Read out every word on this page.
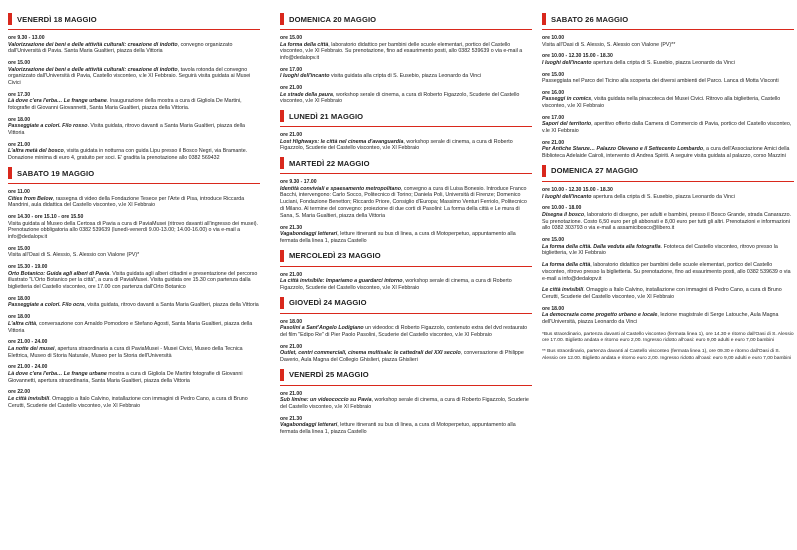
VENERDÌ 18 MAGGIO
ore 9.30 - 13.00
Valorizzazione dei beni e delle attività culturali: creazione di indotto, convegno organizzato dall'Università di Pavia. Santa Maria Gualtieri, piazza della Vittoria
ore 15.00
Valorizzazione dei beni e delle attività culturali: creazione di indotto, tavola rotonda del convegno organizzato dall'Università di Pavia, Castello visconteo, v.le XI Febbraio. Seguirà visita guidata ai Musei Civici
ore 17.30
Là dove c'era l'erba… Le frange urbane. Inaugurazione della mostra a cura di Gigliola De Martini, fotografie di Giovanni Giovannetti, Santa Maria Gualtieri, piazza della Vittoria.
ore 18.00
Passeggiate a colori. Filo rosso. Visita guidata, ritrovo davanti a Santa Maria Gualtieri, piazza della Vittoria
ore 21.00
L'altra metà del bosco, visita guidata in notturna con guida Lipu presso il Bosco Negri, via Bramante. Donazione minima di euro 4, gratuito per soci. E' gradita la prenotazione allo 0382 569432
SABATO 19 MAGGIO
ore 11.00
Cities from Below, rassegna di video della Fondazione Tesece per l'Arte di Pisa, introduce Riccarda Mandrini, aula didattica del Castello visconteo, v.le XI Febbraio
ore 14.30 - ore 15.10 - ore 15.50
Visita guidata al Museo della Certosa di Pavia a cura di PaviaMusei (ritrovo davanti all'ingresso dei musei). Prenotazione obbligatoria allo 0382 539639 (lunedì-venerdì 9.00-13.00; 14.00-16.00) o via e-mail a info@dedalopv.it
ore 15.00
Visita all'Oasi di S. Alessio, S. Alessio con Vialone (PV)*
ore 15.30 - 19.00
Orto Botanico: Guida agli alberi di Pavia. Visita guidata agli alberi cittadini e presentazione del percorso illustrato "L'Orto Botanico per la città", a cura di PaviaMusei. Visita guidata ore 15.30 con partenza dalla biglietteria del Castello visconteo, ore 17.00 con partenza dall'Orto Botanico
ore 18.00
Passeggiate a colori. Filo ocra, visita guidata, ritrovo davanti a Santa Maria Gualtieri, piazza della Vittoria
ore 18.00
L'altra città, conversazione con Arnaldo Pomodoro e Stefano Agosti, Santa Maria Gualtieri, piazza della Vittoria
ore 21.00 - 24.00
La notte dei musei, apertura straordinaria a cura di PaviaMusei - Musei Civici, Museo della Tecnica Elettrica, Museo di Storia Naturale, Museo per la Storia dell'Università
ore 21.00 - 24.00
Là dove c'era l'erba… Le frange urbane mostra a cura di Gigliola De Martini fotografie di Giovanni Giovannetti, apertura straordinaria, Santa Maria Gualtieri, piazza della Vittoria
ore 22.00
Le città invisibili. Omaggio a Italo Calvino, installazione con immagini di Pedro Cano, a cura di Bruno Cerutti, Scuderie del Castello visconteo, v.le XI Febbraio
DOMENICA 20 MAGGIO
ore 15.00
La forma della città, laboratorio didattico per bambini delle scuole elementari, portico del Castello visconteo, v.le XI Febbraio. Su prenotazione, fino ad esaurimento posti, allo 0382 539639 o via e-mail a info@dedalopv.it
ore 17.00
I luoghi dell'incanto visita guidata alla cripta di S. Eusebio, piazza Leonardo da Vinci
ore 21.00
Le strade della paura, workshop serale di cinema, a cura di Roberto Figazzolo, Scuderie del Castello visconteo, v.le XI Febbraio
LUNEDÌ 21 MAGGIO
ore 21.00
Lost Highways: le città nel cinema d'avanguardia, workshop serale di cinema, a cura di Roberto Figazzolo, Scuderie del Castello visconteo, v.le XI Febbraio
MARTEDÌ 22 MAGGIO
ore 9.30 - 17.00
Identità conviviali e spaesamento metropolitano, convegno a cura di Luisa Bonesio. Introduce Franco Bacchi, intervengono: Carlo Socco, Politecnico di Torino; Daniela Poli, Università di Firenze; Domenico Luciani, Fondazione Benetton; Riccardo Priore, Consiglio d'Europa; Massimo Venturi Ferriolo, Politecnico di Milano. Al termine del convegno: proiezione di due corti di Pasolini: La forma della città e Le mura di Sana, S. Maria Gualtieri, piazza della Vittoria
ore 21.30
Vagabondaggi letterari, letture itineranti su bus di linea, a cura di Motoperpetuo, appuntamento alla fermata della linea 1, piazza Castello
MERCOLEDÌ 23 MAGGIO
ore 21.00
La città invisibile: Impariamo a guardarci intorno, workshop serale di cinema, a cura di Roberto Figazzolo, Scuderie del Castello visconteo, v.le XI Febbraio
GIOVEDÌ 24 MAGGIO
ore 18.00
Pasolini a Sant'Angelo Lodigiano un videodoc di Roberto Figazzolo, contenuto extra del dvd restaurato del film "Edipo Re" di Pier Paolo Pasolini, Scuderie del Castello visconteo, v.le XI Febbraio
ore 21.00
Outlet, centri commerciali, cinema multisala: le cattedrali del XXI secolo, conversazione di Philippe Daverio, Aula Magna del Collegio Ghislieri, piazza Ghislieri
VENERDÌ 25 MAGGIO
ore 21.00
Sub limine: un videococcio su Pavia, workshop serale di cinema, a cura di Roberto Figazzolo, Scuderie del Castello visconteo, v.le XI Febbraio
ore 21.30
Vagabondaggi letterari, letture itineranti su bus di linea, a cura di Motoperpetuo, appuntamento alla fermata della linea 1, piazza Castello
SABATO 26 MAGGIO
ore 10.00
Visita all'Oasi di S. Alessio, S. Alessio con Vialone (PV)**
ore 10.00 - 12.30 15.00 - 18.30
I luoghi dell'incanto apertura della cripta di S. Eusebio, piazza Leonardo da Vinci
ore 15.00
Passeggiata nel Parco del Ticino alla scoperta dei diversi ambienti del Parco. Lanca di Motta Visconti
ore 16.00
Passeggi in comics, visita guidata nella pinacoteca dei Musei Civici. Ritrovo alla biglietteria, Castello visconteo, v.le XI Febbraio
ore 17.00
Sapori del territorio, aperitivo offerto dalla Camera di Commercio di Pavia, portico del Castello visconteo, v.le XI Febbraio
ore 21.00
Per Antiche Stanze… Palazzo Olevano e il Settecento Lombardo, a cura dell'Associazione Amici della Biblioteca Adelaide Cairoli, intervento di Andrea Spiriti. A seguire visita guidata al palazzo, corso Mazzini
DOMENICA 27 MAGGIO
ore 10.00 - 12.30 15.00 - 18.30
I luoghi dell'incanto apertura della cripta di S. Eusebio, piazza Leonardo da Vinci
ore 10.00 - 18.00
Disegna il bosco, laboratorio di disegno, per adulti e bambini, presso il Bosco Grande, strada Canarazzo. Su prenotazione. Costo 6,50 euro per gli abbonati e 8,00 euro per tutti gli altri. Prenotazioni e informazioni allo 0382 303793 o via e-mail a assamicibosco@libero.it
ore 15.00
La forma della città. Dalla veduta alla fotografia. Fototeca del Castello visconteo, ritrovo presso la biglietteria, v.le XI Febbraio
La forma della città, laboratorio didattico per bambini delle scuole elementari, portico del Castello visconteo, ritrovo presso la biglietteria. Su prenotazione, fino ad esaurimento posti, allo 0382 539639 o via e-mail a info@dedalopv.it
Le città invisibili. Omaggio a Italo Calvino, installazione con immagini di Pedro Cano, a cura di Bruno Cerutti, Scuderie del Castello visconteo, v.le XI Febbraio
ore 18.00
La democrazia come progetto urbano e locale, lezione magistrale di Serge Latouche, Aula Magna dell'Università, piazza Leonardo da Vinci
*Bus straordinario, partenza davanti al Castello visconteo (fermata linea 1), ore 14.30 e ritorno dall'Oasi di S. Alessio ore 17.00. Biglietto andata e ritorno euro 2,00. Ingresso ridotto all'oasi: euro 9,00 adulti e euro 7,00 bambini
** Bus straordinario, partenza davanti al Castello visconteo (fermata linea 1), ore 09.30 e ritorno dall'Oasi di S. Alessio ore 12.00. Biglietto andata e ritorno euro 2,00. Ingresso ridotto all'oasi: euro 9,00 adulti e euro 7,00 bambini
